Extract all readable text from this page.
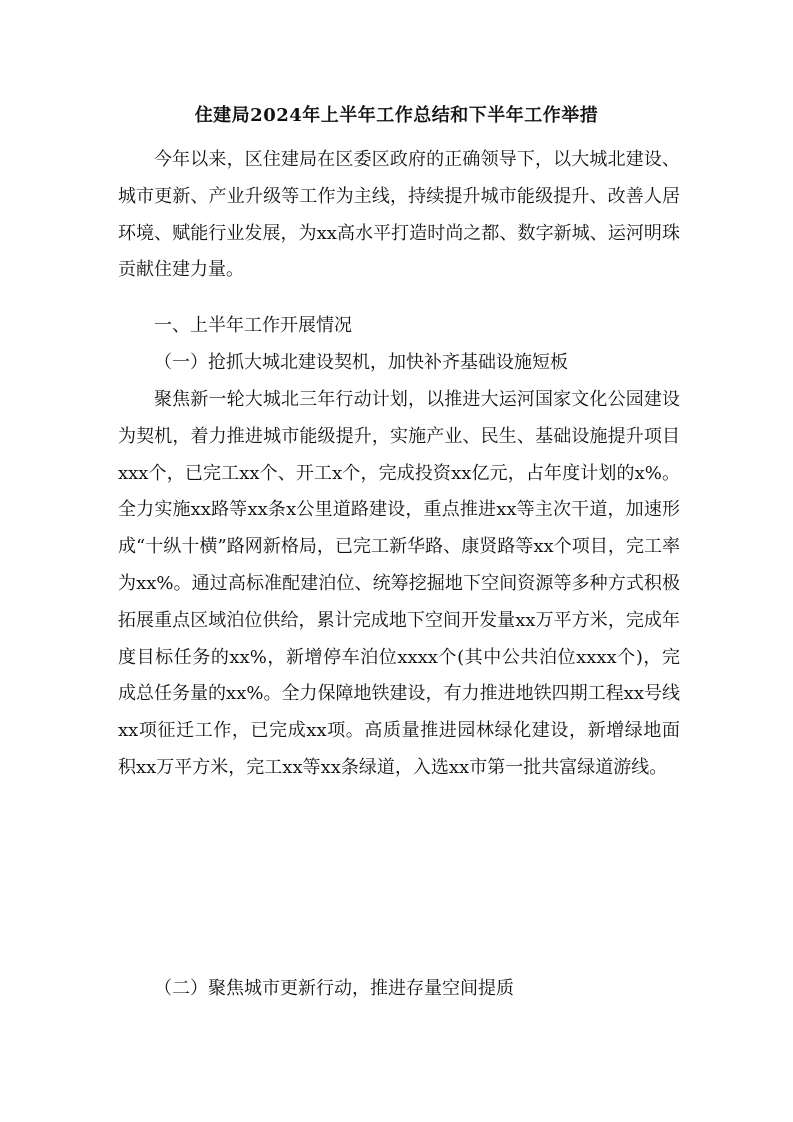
住建局2024年上半年工作总结和下半年工作举措

今年以来，区住建局在区委区政府的正确领导下，以大城北建设、城市更新、产业升级等工作为主线，持续提升城市能级提升、改善人居环境、赋能行业发展，为xx高水平打造时尚之都、数字新城、运河明珠贡献住建力量。

一、上半年工作开展情况

（一）抢抓大城北建设契机，加快补齐基础设施短板

聚焦新一轮大城北三年行动计划，以推进大运河国家文化公园建设为契机，着力推进城市能级提升，实施产业、民生、基础设施提升项目xxx个，已完工xx个、开工x个，完成投资xx亿元，占年度计划的x%。全力实施xx路等xx条x公里道路建设，重点推进xx等主次干道，加速形成“十纵十横”路网新格局，已完工新华路、康贤路等xx个项目，完工率为xx%。通过高标准配建泊位、统筹挖掘地下空间资源等多种方式积极拓展重点区域泊位供给，累计完成地下空间开发量xx万平方米，完成年度目标任务的xx%，新增停车泊位xxxx个(其中公共泊位xxxx个)，完成总任务量的xx%。全力保障地铁建设，有力推进地铁四期工程xx号线xx项征迁工作，已完成xx项。高质量推进园林绿化建设，新增绿地面积xx万平方米，完工xx等xx条绿道，入选xx市第一批共富绿道游线。

（二）聚焦城市更新行动，推进存量空间提质
